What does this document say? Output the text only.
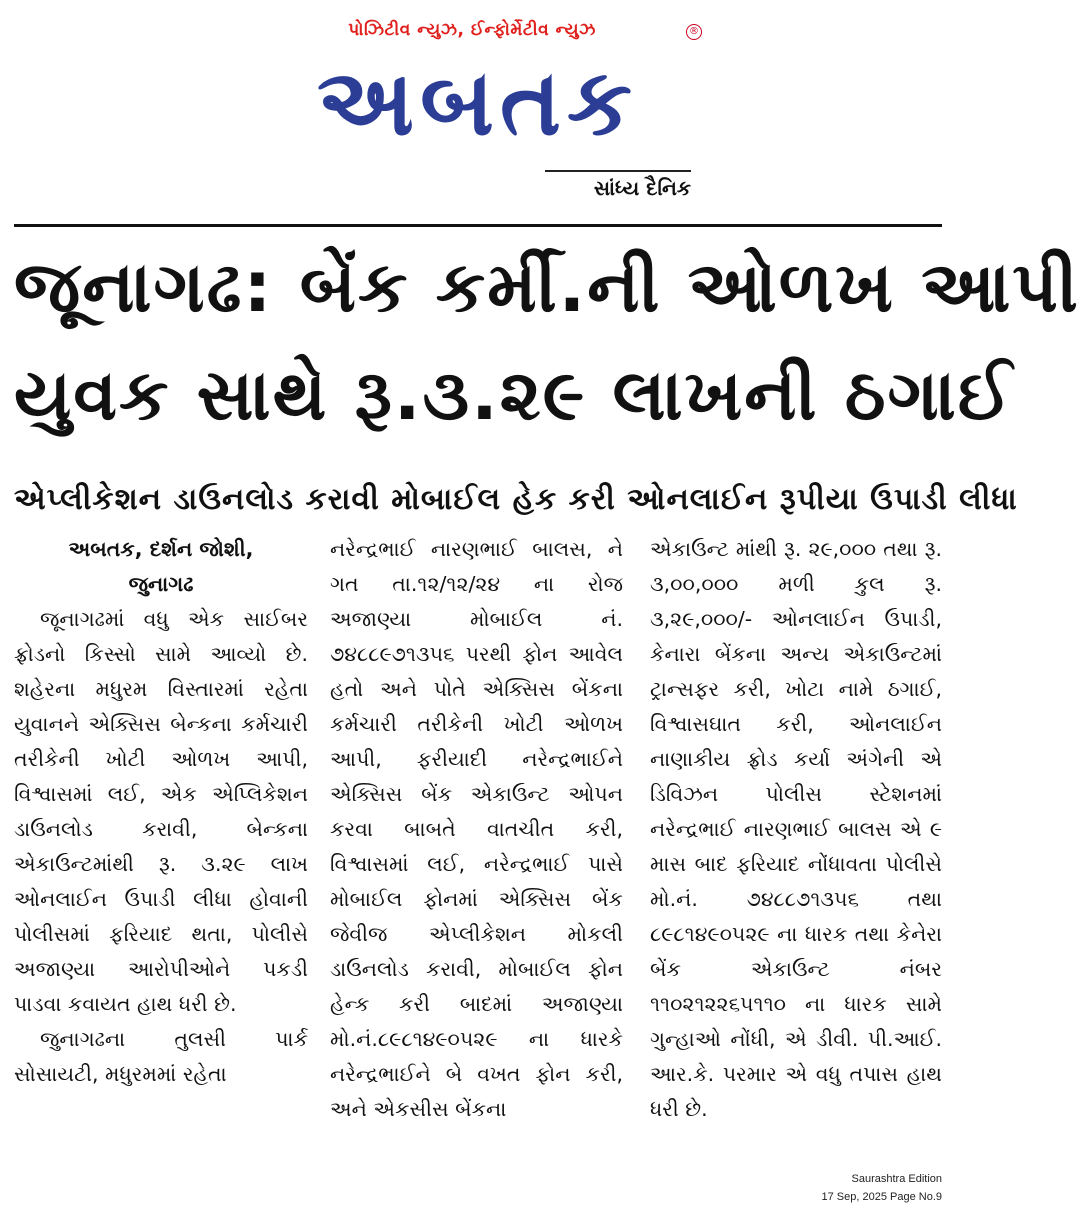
પોઝિટીવ ન્યુઝ, ઈન્ફોર્મેટીવ ન્યુઝ	®
અબતક
સાંધ્ય દૈનિક
જૂનાગઢ: બેંક કર્મી.ની ઓળખ આપી
યુવક સાથે રૂ.૩.૨૯ લાખની ઠગાઈ
એપ્લીકેશન ડાઉનલોડ કરાવી મોબાઈલ હેક કરી ઓનલાઈન રૂપીયા ઉપાડી લીધા
અબતક, દર્શન જોશી,
જુનાગઢ

જૂનાગઢમાં વધુ એક સાઈબર ફ્રોડનો કિસ્સો સામે આવ્યો છે. શહેરના મધુરમ વિસ્તારમાં રહેતા યુવાનને એક્સિસ બેન્કના કર્મચારી તરીકેની ખોટી ઓળખ આપી, વિશ્વાસમાં લઈ, એક એપ્લિકેશન ડાઉનલોડ કરાવી, બેન્કના એકાઉન્ટમાંથી રૂ. ૩.૨૯ લાખ ઓનલાઈન ઉપાડી લીધા હોવાની પોલીસમાં ફરિયાદ થતા, પોલીસે અજાણ્યા આરોપીઓને પકડી પાડવા કવાયત હાથ ધરી છે.

જુનાગઢના તુલસી પાર્ક સોસાયટી, મધુરમમાં રહેતા

નરેન્દ્રભાઈ નારણભાઈ બાલસ, ને ગત તા.૧૨/૧૨/૨૪ ના રોજ અજાણ્યા મોબાઈલ નં. ૭૪૮૮૯૭૧૩૫૬ પરથી ફોન આવેલ હતો અને પોતે એક્સિસ બેંકના કર્મચારી તરીકેની ખોટી ઓળખ આપી, ફરીયાદી નરેન્દ્રભાઈને એક્સિસ બેંક એકાઉન્ટ ઓપન કરવા બાબતે વાતચીત કરી, વિશ્વાસમાં લઈ, નરેન્દ્રભાઈ પાસે મોબાઈલ ફોનમાં એક્સિસ બેંક જેવીજ એપ્લીકેશન મોકલી ડાઉનલોડ કરાવી, મોબાઈલ ફોન હેન્ક કરી બાદમાં અજાણ્યા મો.નં.૮૯૮૧૪૯૦૫૨૯ ના ધારકે નરેન્દ્રભાઈને બે વખત ફોન કરી, અને એકસીસ બેંકના

એકાઉન્ટ માંથી રૂ. ૨૯,૦૦૦ તથા રૂ. ૩,૦૦,૦૦૦ મળી કુલ રૂ. ૩,૨૯,૦૦૦/- ઓનલાઈન ઉપાડી, કેનારા બેંકના અન્ય એકાઉન્ટમાં ટ્રાન્સફર કરી, ખોટા નામે ઠગાઈ, વિશ્વાસઘાત કરી, ઓનલાઈન નાણાકીય ફ્રોડ કર્યા અંગેની એ ડિવિઝન પોલીસ સ્ટેશનમાં નરેન્દ્રભાઈ નારણભાઈ બાલસ એ ૯ માસ બાદ ફરિયાદ નોંધાવતા પોલીસે મો.નં. ૭૪૮૮૭૧૩૫૬ તથા ૮૯૮૧૪૯૦૫૨૯ ના ધારક તથા કેનેરા બેંક એકાઉન્ટ નંબર ૧૧૦૨૧૨૨૬૫૧૧૦ ના ધારક સામે ગુન્હાઓ નોંધી, એ ડીવી. પી.આઈ. આર.કે. પરમાર એ વધુ તપાસ હાથ ધરી છે.

Saurashtra Edition
17 Sep, 2025 Page No.9
